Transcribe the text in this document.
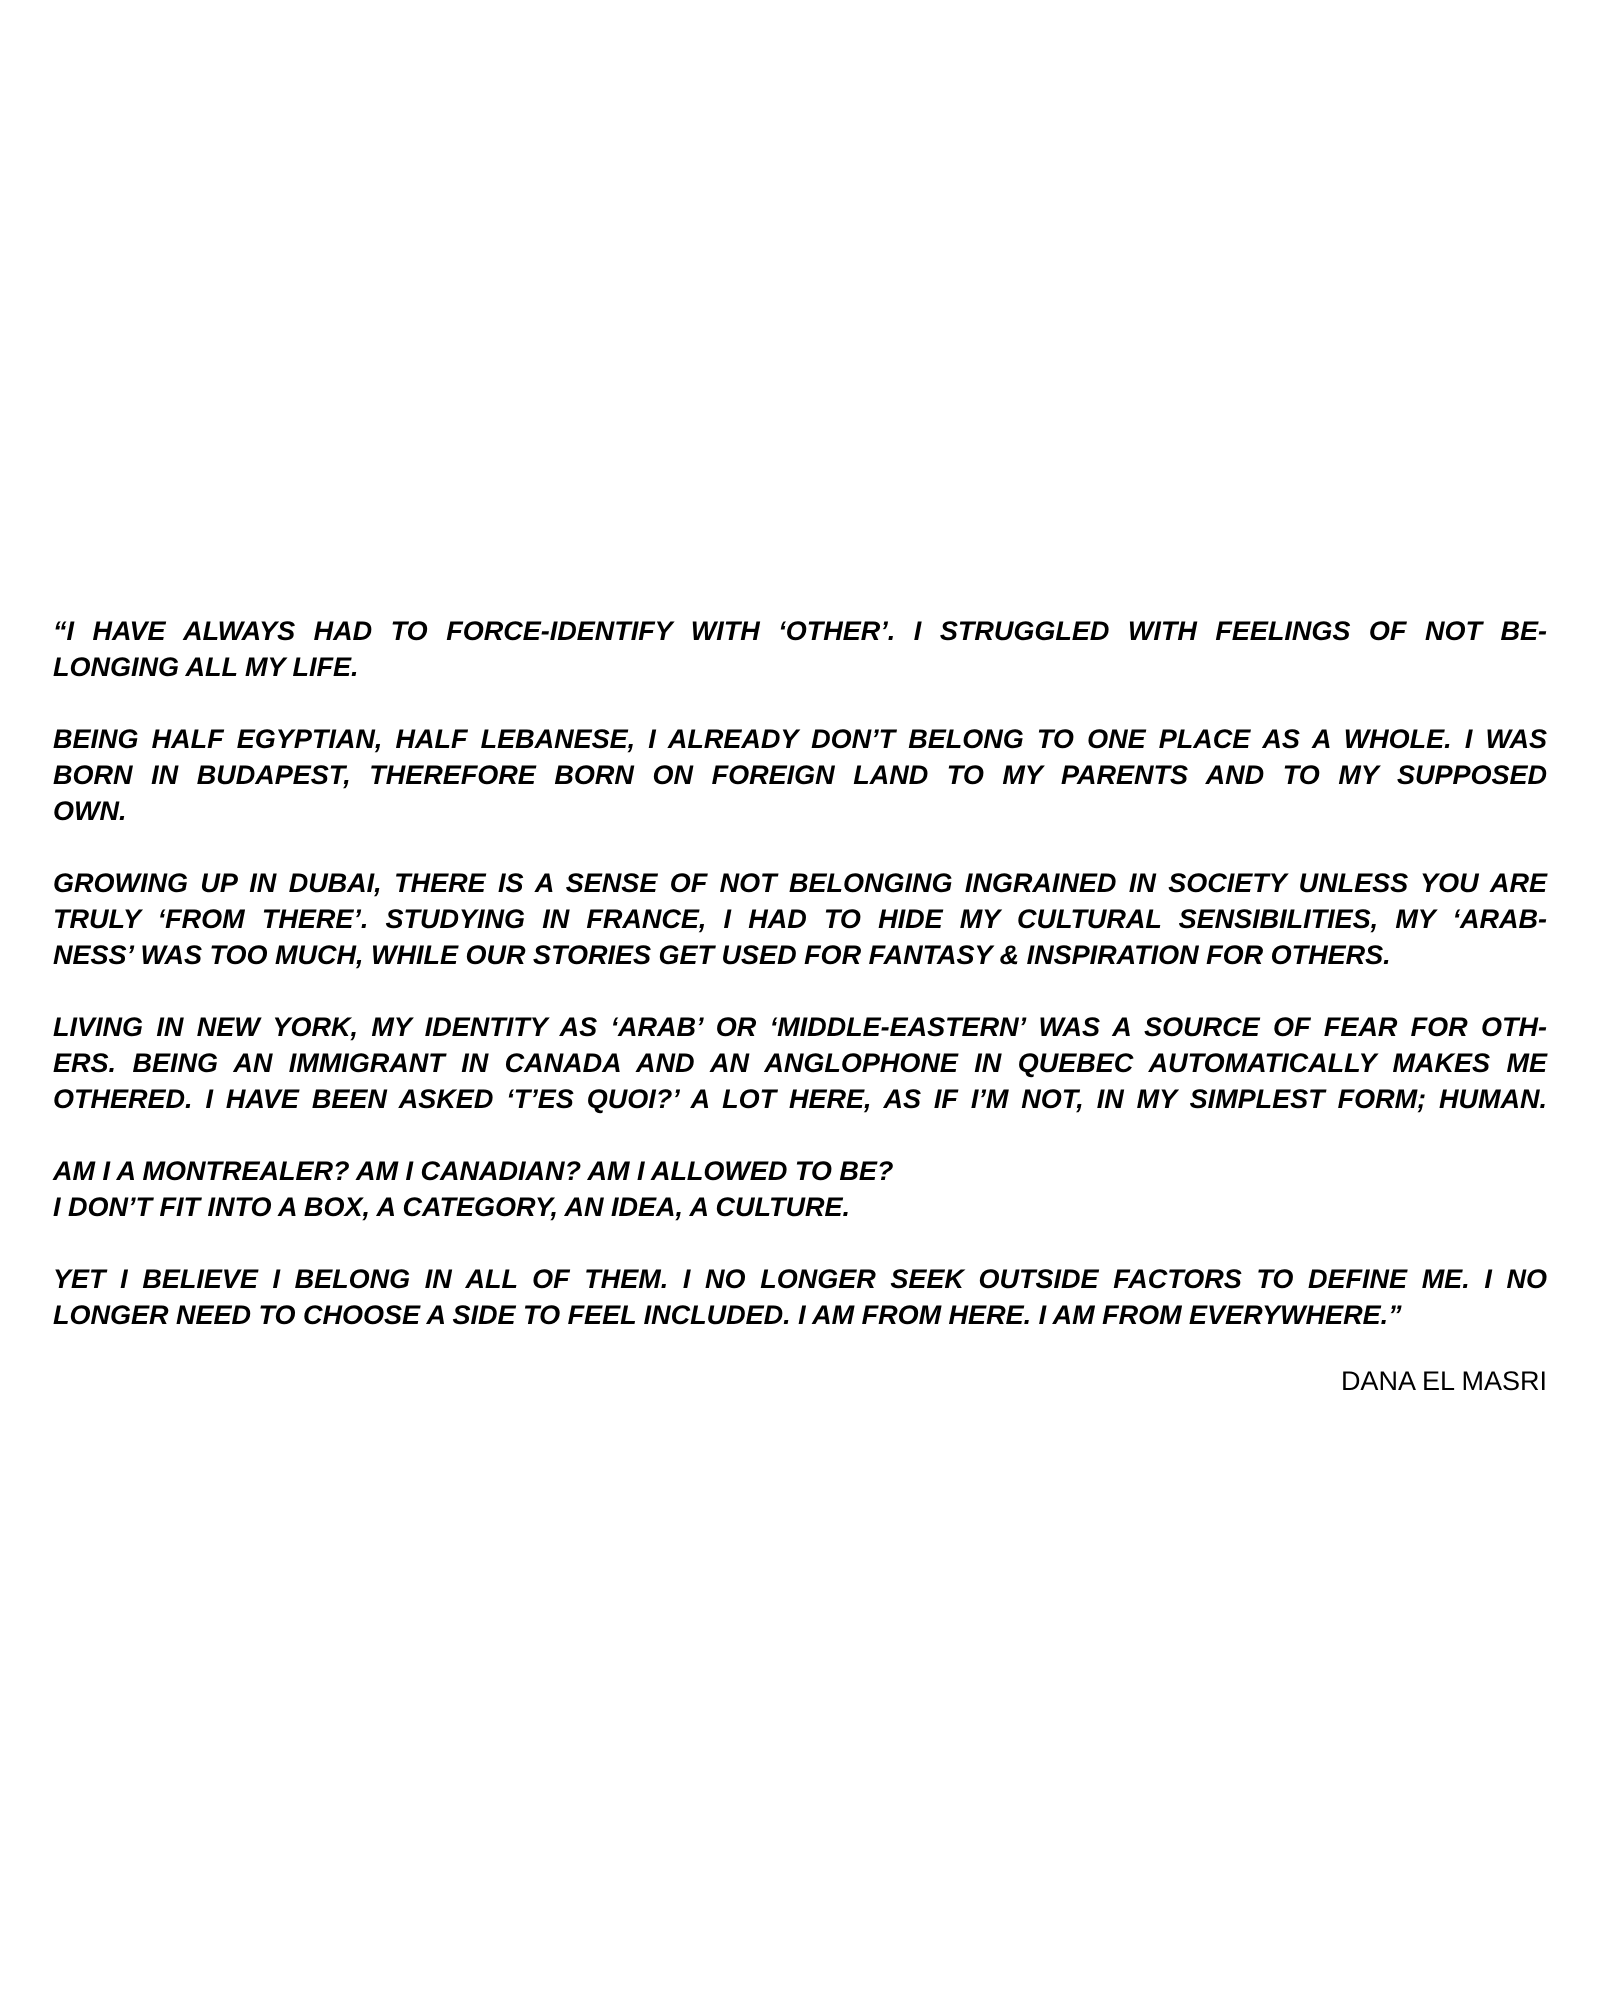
“I HAVE ALWAYS HAD TO FORCE-IDENTIFY WITH ‘OTHER’. I STRUGGLED WITH FEELINGS OF NOT BE-
LONGING ALL MY LIFE.

BEING HALF EGYPTIAN, HALF LEBANESE, I ALREADY DON’T BELONG TO ONE PLACE AS A WHOLE. I WAS
BORN IN BUDAPEST, THEREFORE BORN ON FOREIGN LAND TO MY PARENTS AND TO MY SUPPOSED
OWN.

GROWING UP IN DUBAI, THERE IS A SENSE OF NOT BELONGING INGRAINED IN SOCIETY UNLESS YOU ARE
TRULY ‘FROM THERE’. STUDYING IN FRANCE, I HAD TO HIDE MY CULTURAL SENSIBILITIES, MY ‘ARAB-
NESS’ WAS TOO MUCH, WHILE OUR STORIES GET USED FOR FANTASY & INSPIRATION FOR OTHERS.

LIVING IN NEW YORK, MY IDENTITY AS ‘ARAB’ OR ‘MIDDLE-EASTERN’ WAS A SOURCE OF FEAR FOR OTH-
ERS. BEING AN IMMIGRANT IN CANADA AND AN ANGLOPHONE IN QUEBEC AUTOMATICALLY MAKES ME
OTHERED. I HAVE BEEN ASKED ‘T’ES QUOI?’ A LOT HERE, AS IF I’M NOT, IN MY SIMPLEST FORM; HUMAN.

AM I A MONTREALER? AM I CANADIAN? AM I ALLOWED TO BE?
I DON’T FIT INTO A BOX, A CATEGORY, AN IDEA, A CULTURE.

YET I BELIEVE I BELONG IN ALL OF THEM. I NO LONGER SEEK OUTSIDE FACTORS TO DEFINE ME. I NO
LONGER NEED TO CHOOSE A SIDE TO FEEL INCLUDED. I AM FROM HERE. I AM FROM EVERYWHERE.”

DANA EL MASRI
